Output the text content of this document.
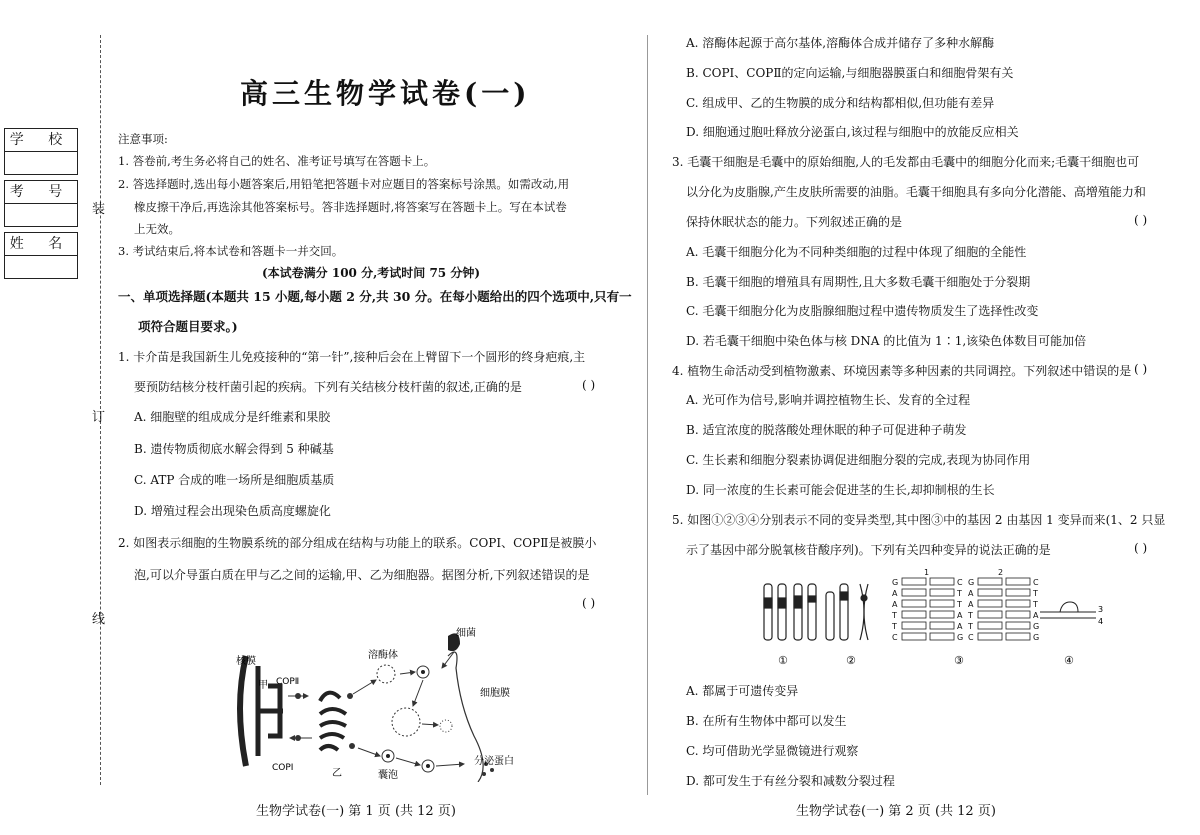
学 校
考 号
姓 名
装
订
线
高三生物学试卷(一)
注意事项:
1. 答卷前,考生务必将自己的姓名、准考证号填写在答题卡上。
2. 答选择题时,选出每小题答案后,用铅笔把答题卡对应题目的答案标号涂黑。如需改动,用
橡皮擦干净后,再选涂其他答案标号。答非选择题时,将答案写在答题卡上。写在本试卷
上无效。
3. 考试结束后,将本试卷和答题卡一并交回。
(本试卷满分 100 分,考试时间 75 分钟)
一、单项选择题(本题共 15 小题,每小题 2 分,共 30 分。在每小题给出的四个选项中,只有一
项符合题目要求。)
1. 卡介苗是我国新生儿免疫接种的“第一针”,接种后会在上臂留下一个圆形的终身疤痕,主
要预防结核分枝杆菌引起的疾病。下列有关结核分枝杆菌的叙述,正确的是	( )
A. 细胞壁的组成成分是纤维素和果胶
B. 遗传物质彻底水解会得到 5 种碱基
C. ATP 合成的唯一场所是细胞质基质
D. 增殖过程会出现染色质高度螺旋化
2. 如图表示细胞的生物膜系统的部分组成在结构与功能上的联系。COPⅠ、COPⅡ是被膜小
泡,可以介导蛋白质在甲与乙之间的运输,甲、乙为细胞器。据图分析,下列叙述错误的是
( )
核膜
COPⅡ
甲
溶酶体
细菌
细胞膜
COPⅠ	乙	囊泡
分泌蛋白
生物学试卷(一) 第 1 页 (共 12 页)
A. 溶酶体起源于高尔基体,溶酶体合成并储存了多种水解酶
B. COPⅠ、COPⅡ的定向运输,与细胞器膜蛋白和细胞骨架有关
C. 组成甲、乙的生物膜的成分和结构都相似,但功能有差异
D. 细胞通过胞吐释放分泌蛋白,该过程与细胞中的放能反应相关
3. 毛囊干细胞是毛囊中的原始细胞,人的毛发都由毛囊中的细胞分化而来;毛囊干细胞也可
以分化为皮脂腺,产生皮肤所需要的油脂。毛囊干细胞具有多向分化潜能、高增殖能力和
保持休眠状态的能力。下列叙述正确的是	( )
A. 毛囊干细胞分化为不同种类细胞的过程中体现了细胞的全能性
B. 毛囊干细胞的增殖具有周期性,且大多数毛囊干细胞处于分裂期
C. 毛囊干细胞分化为皮脂腺细胞过程中遗传物质发生了选择性改变
D. 若毛囊干细胞中染色体与核 DNA 的比值为 1∶1,该染色体数目可能加倍
4. 植物生命活动受到植物激素、环境因素等多种因素的共同调控。下列叙述中错误的是 ( )
A. 光可作为信号,影响并调控植物生长、发育的全过程
B. 适宜浓度的脱落酸处理休眠的种子可促进种子萌发
C. 生长素和细胞分裂素协调促进细胞分裂的完成,表现为协同作用
D. 同一浓度的生长素可能会促进茎的生长,却抑制根的生长
5. 如图①②③④分别表示不同的变异类型,其中图③中的基因 2 由基因 1 变异而来(1、2 只显
示了基因中部分脱氧核苷酸序列)。下列有关四种变异的说法正确的是	( )
1	2
G
A
A
T
T
C
C
T
T
A
A
G
G
A
A
T
T
C
C
T
T
A
G
G
3
4
①	②	③	④
A. 都属于可遗传变异
B. 在所有生物体中都可以发生
C. 均可借助光学显微镜进行观察
D. 都可发生于有丝分裂和减数分裂过程
生物学试卷(一) 第 2 页 (共 12 页)
